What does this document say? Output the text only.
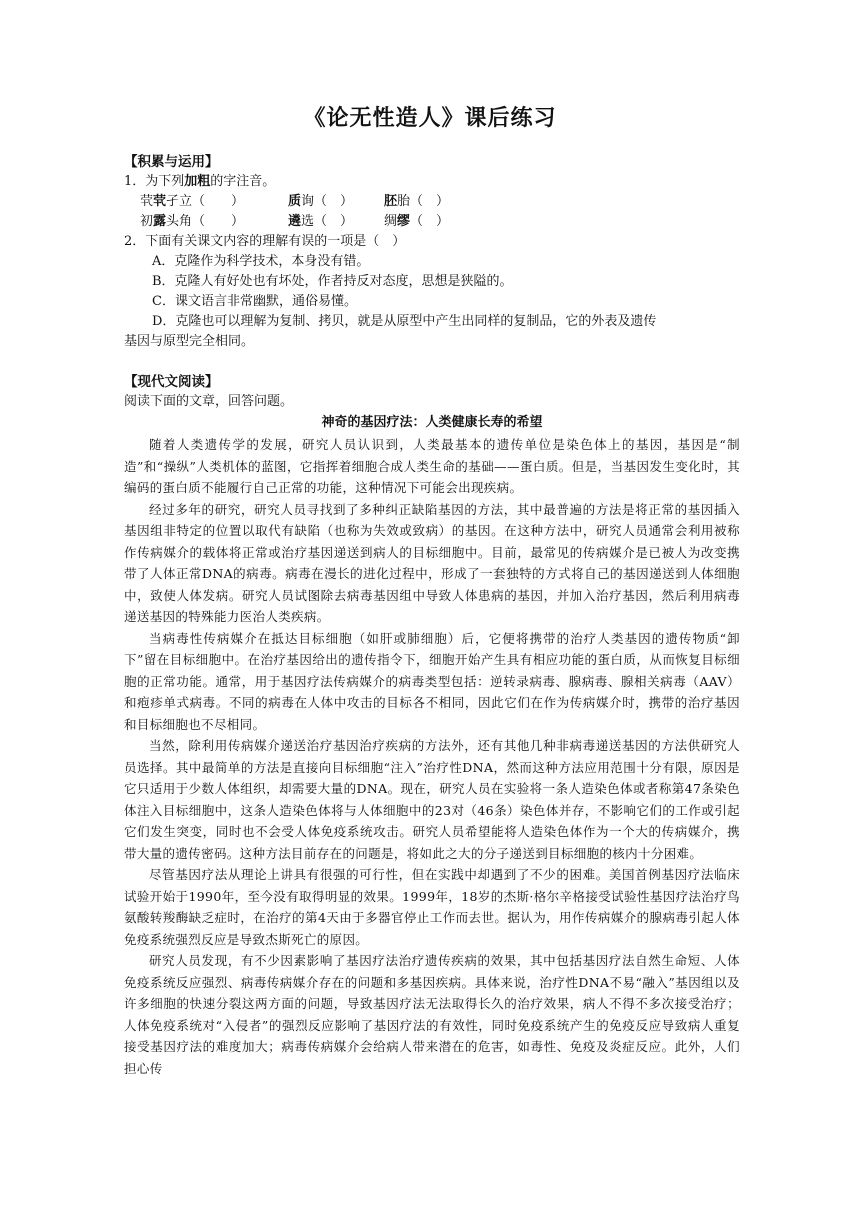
《论无性造人》课后练习

【积累与运用】

1．为下列加粗的字注音。

茕茕孑立（　　）	质询（　） 胚胎（　）

初露头角（　　）	遴选（　） 绸缪（　）

2．下面有关课文内容的理解有误的一项是（　）

A．克隆作为科学技术，本身没有错。

B．克隆人有好处也有坏处，作者持反对态度，思想是狭隘的。

C．课文语言非常幽默，通俗易懂。

D．克隆也可以理解为复制、拷贝，就是从原型中产生出同样的复制品，它的外表及遗传

基因与原型完全相同。

【现代文阅读】

阅读下面的文章，回答问题。

神奇的基因疗法：人类健康长寿的希望

随着人类遗传学的发展，研究人员认识到，人类最基本的遗传单位是染色体上的基因，基因是“制造”和“操纵”人类机体的蓝图，它指挥着细胞合成人类生命的基础——蛋白质。但是，当基因发生变化时，其编码的蛋白质不能履行自己正常的功能，这种情况下可能会出现疾病。

经过多年的研究，研究人员寻找到了多种纠正缺陷基因的方法，其中最普遍的方法是将正常的基因插入基因组非特定的位置以取代有缺陷（也称为失效或致病）的基因。在这种方法中，研究人员通常会利用被称作传病媒介的载体将正常或治疗基因递送到病人的目标细胞中。目前，最常见的传病媒介是已被人为改变携带了人体正常DNA的病毒。病毒在漫长的进化过程中，形成了一套独特的方式将自己的基因递送到人体细胞中，致使人体发病。研究人员试图除去病毒基因组中导致人体患病的基因，并加入治疗基因，然后利用病毒递送基因的特殊能力医治人类疾病。

当病毒性传病媒介在抵达目标细胞（如肝或肺细胞）后，它便将携带的治疗人类基因的遗传物质“卸下”留在目标细胞中。在治疗基因给出的遗传指令下，细胞开始产生具有相应功能的蛋白质，从而恢复目标细胞的正常功能。通常，用于基因疗法传病媒介的病毒类型包括：逆转录病毒、腺病毒、腺相关病毒（AAV）和疱疹单式病毒。不同的病毒在人体中攻击的目标各不相同，因此它们在作为传病媒介时，携带的治疗基因和目标细胞也不尽相同。

当然，除利用传病媒介递送治疗基因治疗疾病的方法外，还有其他几种非病毒递送基因的方法供研究人员选择。其中最简单的方法是直接向目标细胞“注入”治疗性DNA，然而这种方法应用范围十分有限，原因是它只适用于少数人体组织，却需要大量的DNA。现在，研究人员在实验将一条人造染色体或者称第47条染色体注入目标细胞中，这条人造染色体将与人体细胞中的23对（46条）染色体并存，不影响它们的工作或引起它们发生突变，同时也不会受人体免疫系统攻击。研究人员希望能将人造染色体作为一个大的传病媒介，携带大量的遗传密码。这种方法目前存在的问题是，将如此之大的分子递送到目标细胞的核内十分困难。

尽管基因疗法从理论上讲具有很强的可行性，但在实践中却遇到了不少的困难。美国首例基因疗法临床试验开始于1990年，至今没有取得明显的效果。1999年，18岁的杰斯·格尔辛格接受试验性基因疗法治疗鸟氨酸转羧酶缺乏症时，在治疗的第4天由于多器官停止工作而去世。据认为，用作传病媒介的腺病毒引起人体免疫系统强烈反应是导致杰斯死亡的原因。

研究人员发现，有不少因素影响了基因疗法治疗遗传疾病的效果，其中包括基因疗法自然生命短、人体免疫系统反应强烈、病毒传病媒介存在的问题和多基因疾病。具体来说，治疗性DNA不易“融入”基因组以及许多细胞的快速分裂这两方面的问题，导致基因疗法无法取得长久的治疗效果，病人不得不多次接受治疗；人体免疫系统对“入侵者”的强烈反应影响了基因疗法的有效性，同时免疫系统产生的免疫反应导致病人重复接受基因疗法的难度加大；病毒传病媒介会给病人带来潜在的危害，如毒性、免疫及炎症反应。此外，人们担心传
